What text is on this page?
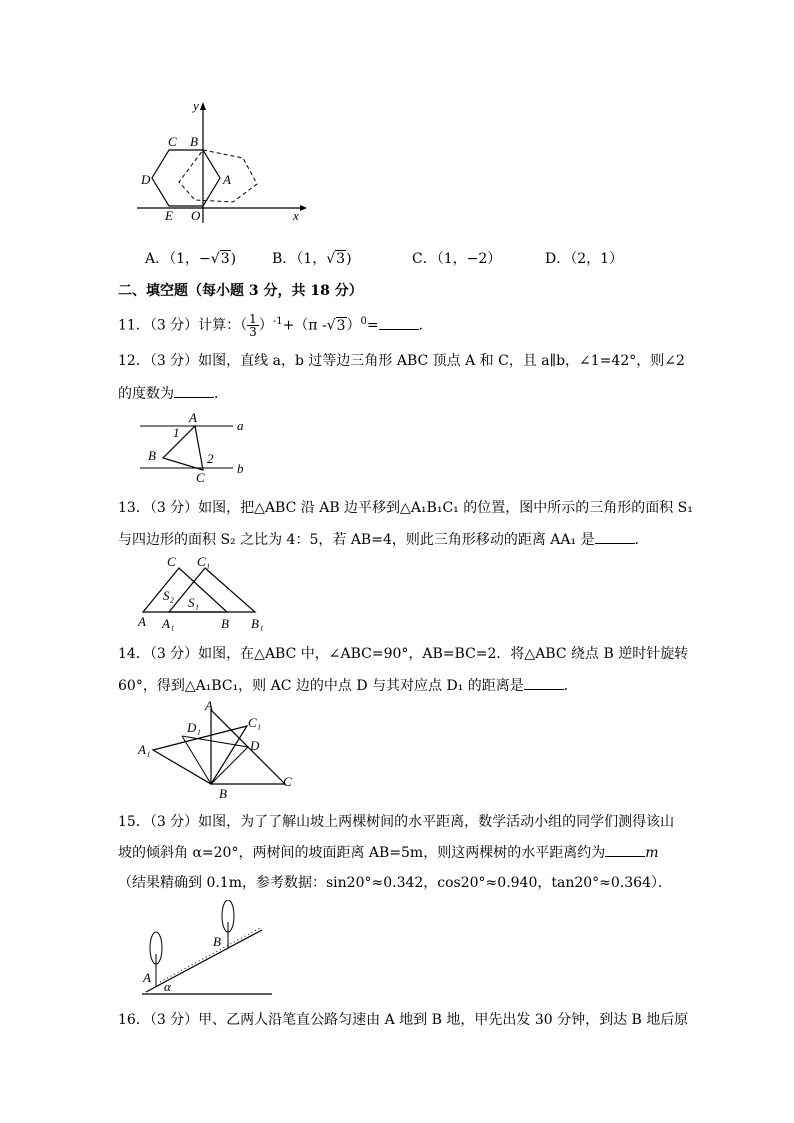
y
x
C B
D	A
E O
A．（1，−√3)	B．（1，√3)	C．（1，−2）	D．（2，1）
二、填空题（每小题 3 分，共 18 分）
11．（3 分）计算：（ $\frac{1}{3} )^{-1}+(\pi$ -√3）$^0$=	．
12．（3 分）如图，直线 a，b 过等边三角形 ABC 顶点 A 和 C，且 a∥b，∠1=42°，则∠2
的度数为	．
A
1	a
B	2
C
b
13．（3 分）如图，把△ABC 沿 AB 边平移到△A₁B₁C₁ 的位置，图中所示的三角形的面积 S₁
与四边形的面积 S₂ 之比为 4：5，若 AB=4，则此三角形移动的距离 AA₁ 是	．
C C₁
S₂ S₁
A A₁	B B₁
14．（3 分）如图，在△ABC 中，∠ABC=90°，AB=BC=2．将△ABC 绕点 B 逆时针旋转
60°，得到△A₁BC₁，则 AC 边的中点 D 与其对应点 D₁ 的距离是	．
A
D₁	C₁
A₁	D
B
C
15．（3 分）如图，为了了解山坡上两棵树间的水平距离，数学活动小组的同学们测得该山
坡的倾斜角 α=20°，两树间的坡面距离 AB=5m，则这两棵树的水平距离约为	m
（结果精确到 0.1m，参考数据：sin20°≈0.342，cos20°≈0.940，tan20°≈0.364）．
B
A
α
16．（3 分）甲、乙两人沿笔直公路匀速由 A 地到 B 地，甲先出发 30 分钟，到达 B 地后原
